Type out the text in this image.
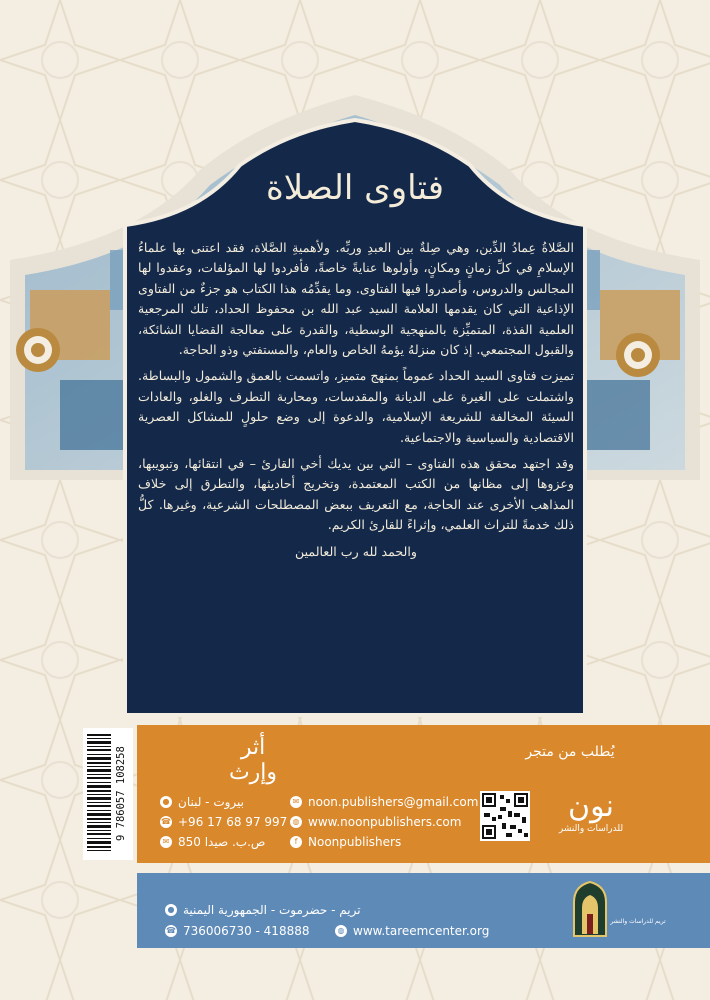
فتاوى الصلاة

الصَّلاةُ عِمادُ الدِّين، وهي صِلةٌ بين العبدِ وربِّه. ولأهميةِ الصَّلاة، فقد اعتنى بها علماءُ الإسلامِ في كلِّ زمانٍ ومكانٍ، وأولوها عنايةً خاصةً، فأفردوا لها المؤلفات، وعقدوا لها المجالس والدروس، وأصدروا فيها الفتاوى. وما يقدِّمُه هذا الكتاب هو جزءٌ من الفتاوى الإذاعية التي كان يقدمها العلامة السيد عبد الله بن محفوظ الحداد، تلك المرجعية العلمية الفذة، المتميِّزة بالمنهجية الوسطية، والقدرة على معالجة القضايا الشائكة، والقبول المجتمعي. إذ كان منزلهُ يؤمهُ الخاص والعام، والمستفتي وذو الحاجة.

تميزت فتاوى السيد الحداد عموماً بمنهج متميز، واتسمت بالعمق والشمول والبساطة. واشتملت على الغيرة على الديانة والمقدسات، ومحاربة التطرف والغلو، والعادات السيئة المخالفة للشريعة الإسلامية، والدعوة إلى وضع حلولٍ للمشاكل العصرية الاقتصادية والسياسية والاجتماعية.

وقد اجتهد محقق هذه الفتاوى – التي بين يديك أخي القارئ – في انتقائها، وتبويبها، وعزوها إلى مظانها من الكتب المعتمدة، وتخريج أحاديثها، والتطرق إلى خلاف المذاهب الأخرى عند الحاجة، مع التعريف ببعض المصطلحات الشرعية، وغيرها. كلُّ ذلك خدمةً للتراث العلمي، وإثراءً للقارئ الكريم.

والحمد لله رب العالمين

9 786057 108258	أثر وإرث
يُطلب من متجر
● بيروت - لبنان
☎ +96 17 68 97 997
✉ ص.ب. صيدا 850
✉ noon.publishers@gmail.com
◍ www.noonpublishers.com
f Noonpublishers
نون
للدراسات والنشر
تريم للدراسات والنشر
● تريم - حضرموت - الجمهورية اليمنية
☎ 736006730 - 418888	◍ www.tareemcenter.org
